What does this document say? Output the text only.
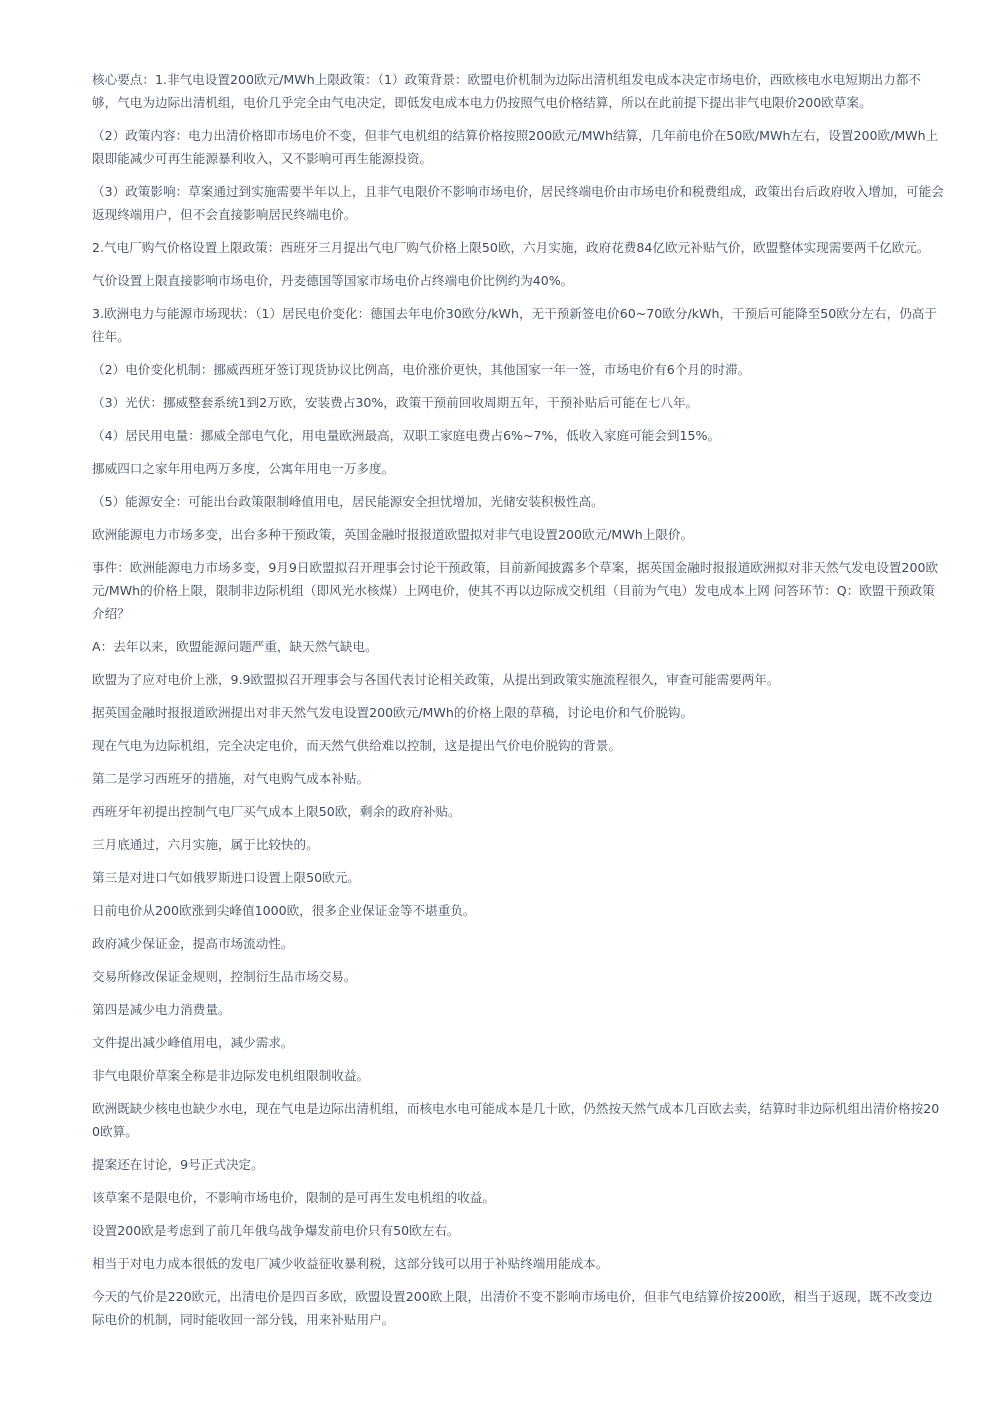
核心要点：1.非气电设置200欧元/MWh上限政策：（1）政策背景：欧盟电价机制为边际出清机组发电成本决定市场电价，西欧核电水电短期出力都不够，气电为边际出清机组，电价几乎完全由气电决定，即低发电成本电力仍按照气电价格结算，所以在此前提下提出非气电限价200欧草案。

（2）政策内容：电力出清价格即市场电价不变，但非气电机组的结算价格按照200欧元/MWh结算，几年前电价在50欧/MWh左右，设置200欧/MWh上限即能减少可再生能源暴利收入，又不影响可再生能源投资。

（3）政策影响：草案通过到实施需要半年以上，且非气电限价不影响市场电价，居民终端电价由市场电价和税费组成，政策出台后政府收入增加，可能会返现终端用户，但不会直接影响居民终端电价。

2.气电厂购气价格设置上限政策：西班牙三月提出气电厂购气价格上限50欧，六月实施，政府花费84亿欧元补贴气价，欧盟整体实现需要两千亿欧元。

气价设置上限直接影响市场电价，丹麦德国等国家市场电价占终端电价比例约为40%。

3.欧洲电力与能源市场现状：（1）居民电价变化：德国去年电价30欧分/kWh，无干预新签电价60~70欧分/kWh，干预后可能降至50欧分左右，仍高于往年。

（2）电价变化机制：挪威西班牙签订现货协议比例高，电价涨价更快，其他国家一年一签，市场电价有6个月的时滞。

（3）光伏：挪威整套系统1到2万欧，安装费占30%，政策干预前回收周期五年，干预补贴后可能在七八年。

（4）居民用电量：挪威全部电气化，用电量欧洲最高，双职工家庭电费占6%~7%，低收入家庭可能会到15%。

挪威四口之家年用电两万多度，公寓年用电一万多度。

（5）能源安全：可能出台政策限制峰值用电，居民能源安全担忧增加，光储安装积极性高。

欧洲能源电力市场多变，出台多种干预政策，英国金融时报报道欧盟拟对非气电设置200欧元/MWh上限价。

事件：欧洲能源电力市场多变，9月9日欧盟拟召开理事会讨论干预政策，目前新闻披露多个草案，据英国金融时报报道欧洲拟对非天然气发电设置200欧元/MWh的价格上限，限制非边际机组（即风光水核煤）上网电价，使其不再以边际成交机组（目前为气电）发电成本上网 问答环节：Q：欧盟干预政策介绍？

A：去年以来，欧盟能源问题严重，缺天然气缺电。

欧盟为了应对电价上涨，9.9欧盟拟召开理事会与各国代表讨论相关政策，从提出到政策实施流程很久，审查可能需要两年。

据英国金融时报报道欧洲提出对非天然气发电设置200欧元/MWh的价格上限的草稿，讨论电价和气价脱钩。

现在气电为边际机组，完全决定电价，而天然气供给难以控制，这是提出气价电价脱钩的背景。

第二是学习西班牙的措施，对气电购气成本补贴。

西班牙年初提出控制气电厂买气成本上限50欧，剩余的政府补贴。

三月底通过，六月实施，属于比较快的。

第三是对进口气如俄罗斯进口设置上限50欧元。

日前电价从200欧涨到尖峰值1000欧，很多企业保证金等不堪重负。

政府减少保证金，提高市场流动性。

交易所修改保证金规则，控制衍生品市场交易。

第四是减少电力消费量。

文件提出减少峰值用电，减少需求。

非气电限价草案全称是非边际发电机组限制收益。

欧洲既缺少核电也缺少水电，现在气电是边际出清机组，而核电水电可能成本是几十欧，仍然按天然气成本几百欧去卖，结算时非边际机组出清价格按200欧算。

提案还在讨论，9号正式决定。

该草案不是限电价，不影响市场电价，限制的是可再生发电机组的收益。

设置200欧是考虑到了前几年俄乌战争爆发前电价只有50欧左右。

相当于对电力成本很低的发电厂减少收益征收暴利税，这部分钱可以用于补贴终端用能成本。

今天的气价是220欧元，出清电价是四百多欧，欧盟设置200欧上限，出清价不变不影响市场电价，但非气电结算价按200欧，相当于返现，既不改变边际电价的机制，同时能收回一部分钱，用来补贴用户。
